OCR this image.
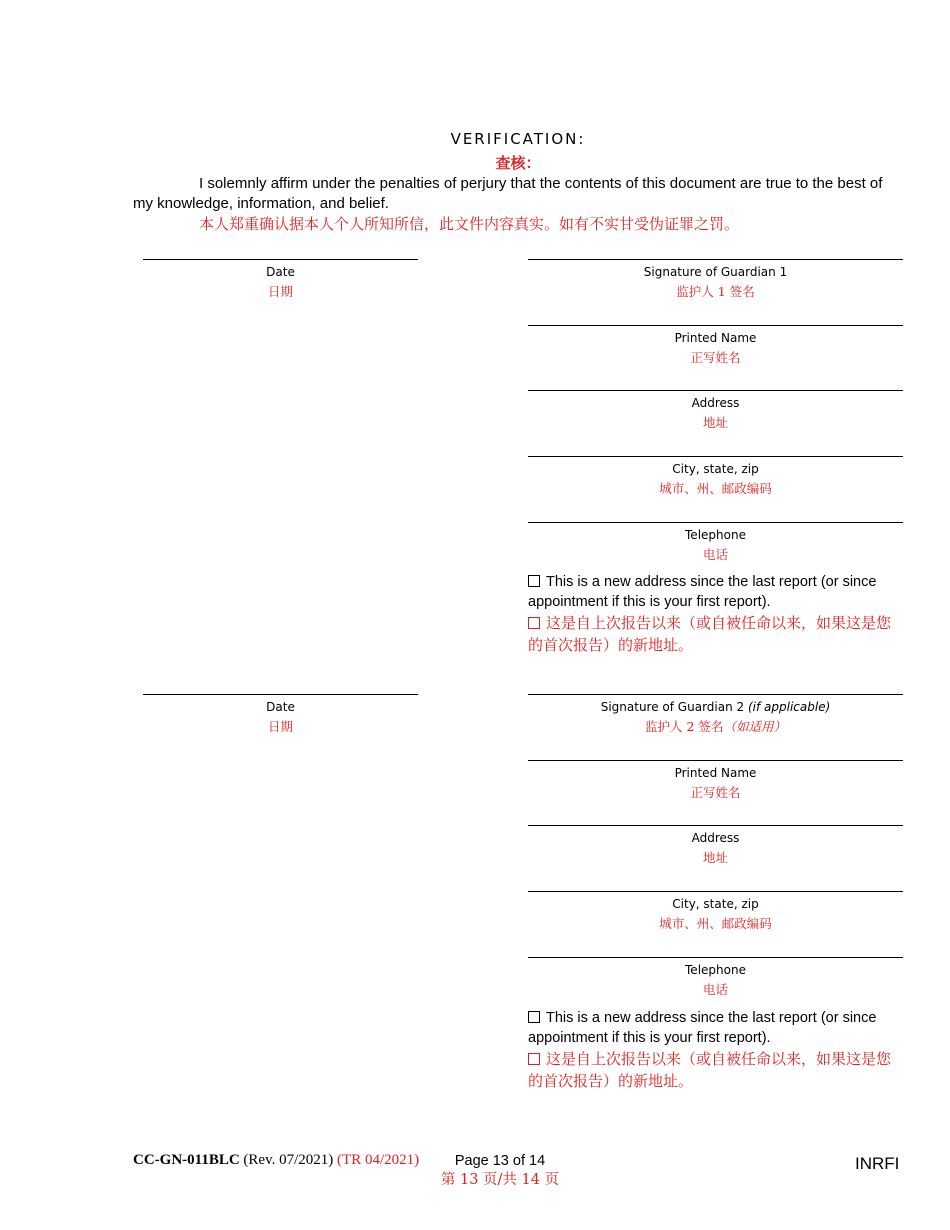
VERIFICATION:
查核：
I solemnly affirm under the penalties of perjury that the contents of this document are true to the best of my knowledge, information, and belief.
本人郑重确认据本人个人所知所信，此文件内容真实。如有不实甘受伪证罪之罚。
Date
日期
Signature of Guardian 1
监护人 1 签名
Printed Name
正写姓名
Address
地址
City, state, zip
城市、州、邮政编码
Telephone
电话
This is a new address since the last report (or since appointment if this is your first report).
这是自上次报告以来（或自被任命以来，如果这是您的首次报告）的新地址。
Date
日期
Signature of Guardian 2 (if applicable)
监护人 2 签名（如适用）
Printed Name
正写姓名
Address
地址
City, state, zip
城市、州、邮政编码
Telephone
电话
This is a new address since the last report (or since appointment if this is your first report).
这是自上次报告以来（或自被任命以来，如果这是您的首次报告）的新地址。
CC-GN-011BLC (Rev. 07/2021) (TR 04/2021)	Page 13 of 14
第 13 页/共 14 页
INRFI
